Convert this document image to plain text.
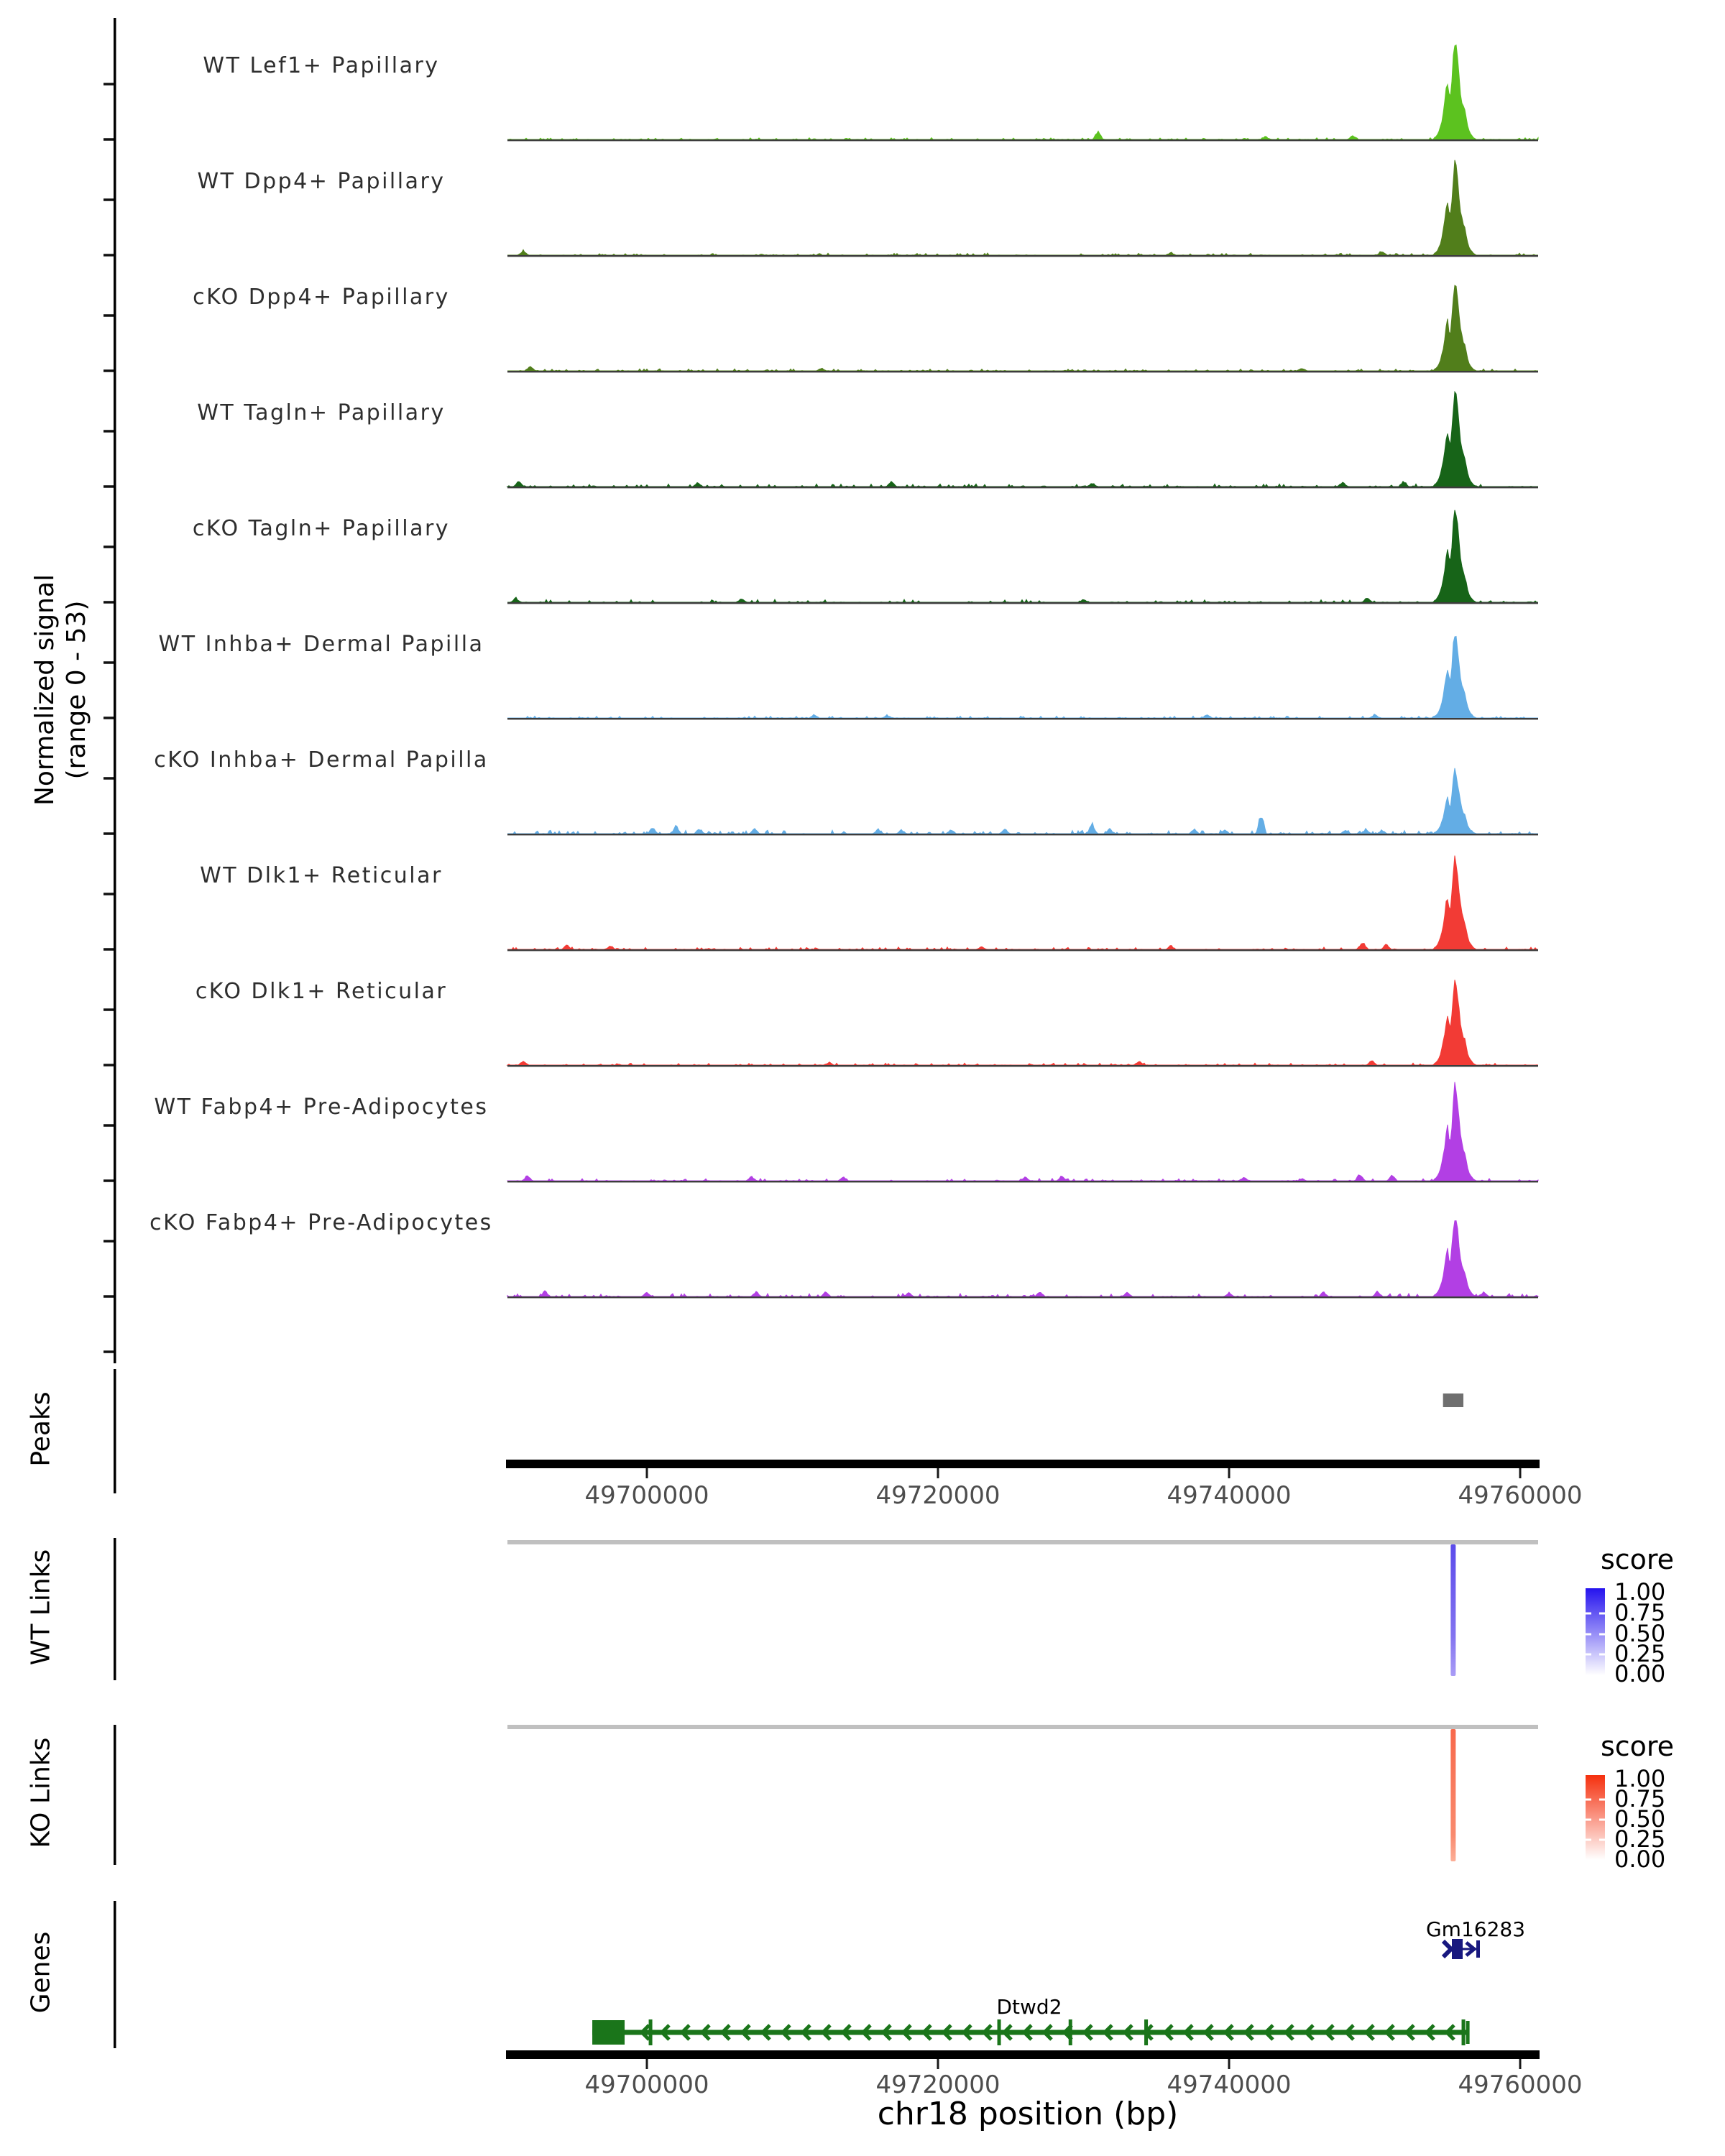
Normalized signal (range 0 - 53)
Peaks
WT Links
KO Links
Genes
WT Lef1+ Papillary
WT Dpp4+ Papillary
cKO Dpp4+ Papillary
WT Tagln+ Papillary
cKO Tagln+ Papillary
WT Inhba+ Dermal Papilla
cKO Inhba+ Dermal Papilla
WT Dlk1+ Reticular
cKO Dlk1+ Reticular
WT Fabp4+ Pre-Adipocytes
cKO Fabp4+ Pre-Adipocytes
49700000	49720000	49740000	49760000
49700000	49720000	49740000	49760000
chr18 position (bp)
score
1.00
0.75
0.50
0.25
0.00
score
1.00
0.75
0.50
0.25
0.00
Gm16283
Dtwd2
